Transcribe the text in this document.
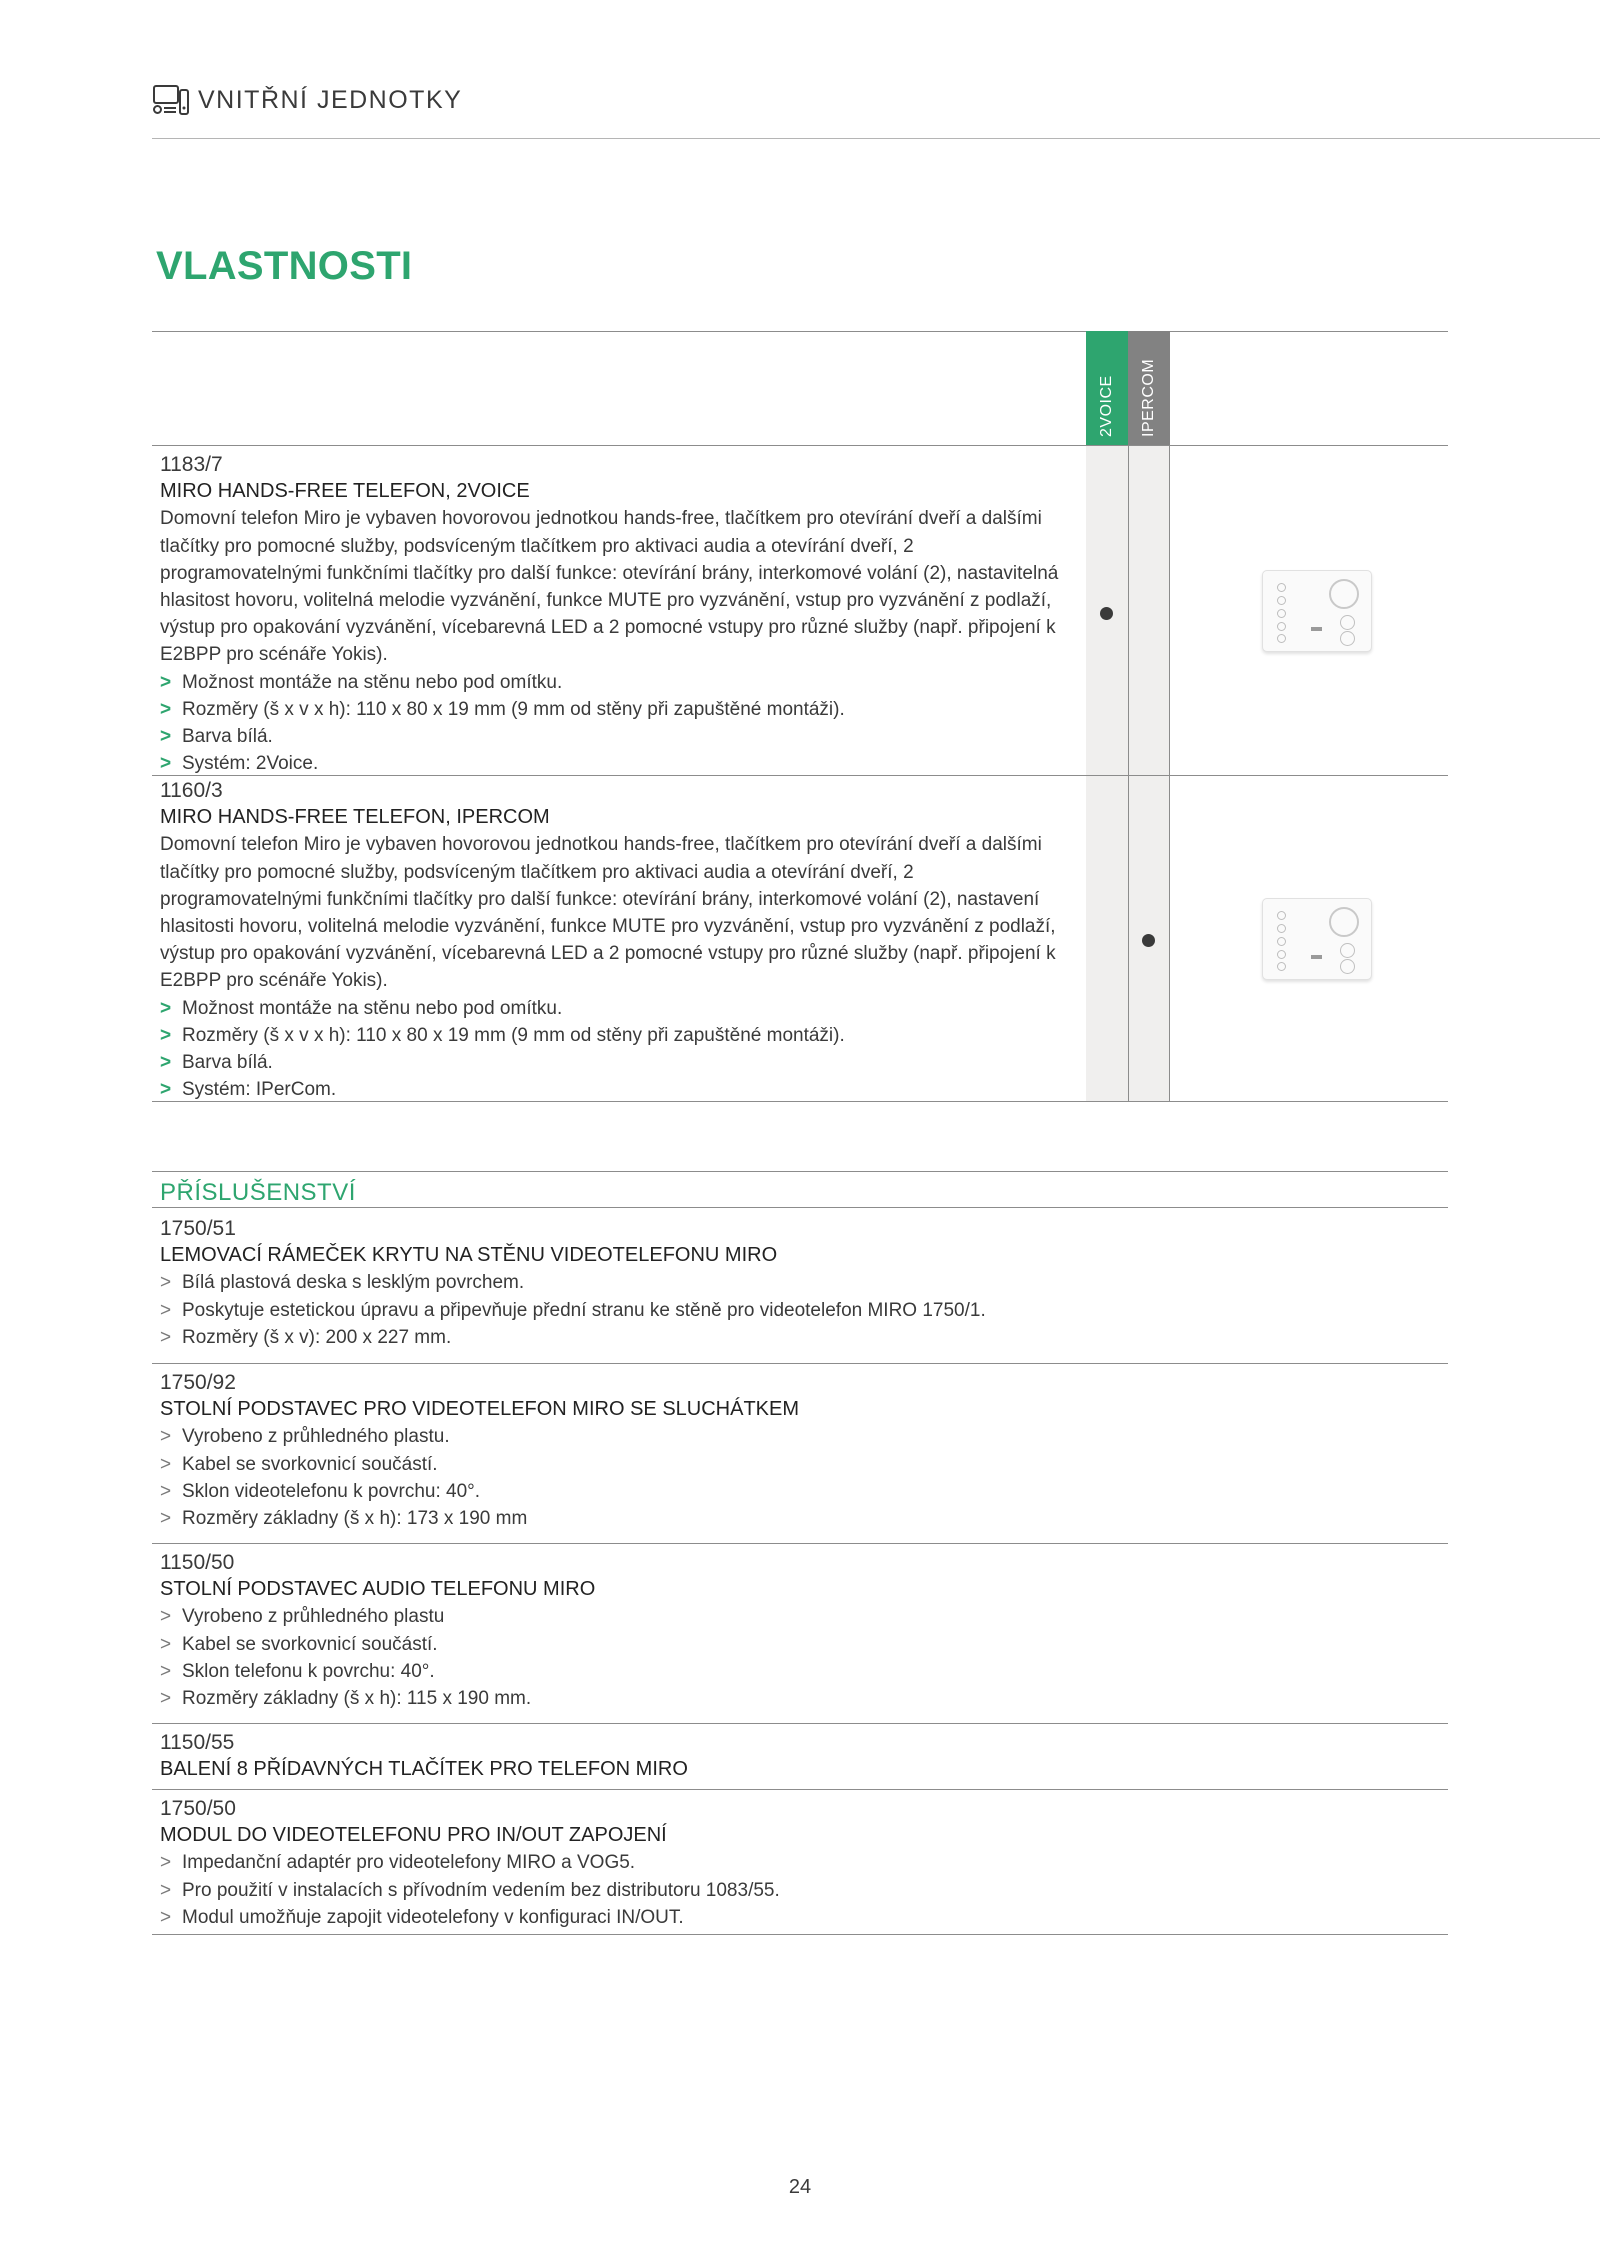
VNITŘNÍ JEDNOTKY
VLASTNOSTI
2VOICE IPERCOM
1183/7
MIRO HANDS-FREE TELEFON, 2VOICE
Domovní telefon Miro je vybaven hovorovou jednotkou hands-free, tlačítkem pro otevírání dveří a dalšími tlačítky pro pomocné služby, podsvíceným tlačítkem pro aktivaci audia a otevírání dveří, 2 programovatelnými funkčními tlačítky pro další funkce: otevírání brány, interkomové volání (2), nastavitelná hlasitost hovoru, volitelná melodie vyzvánění, funkce MUTE pro vyzvánění, vstup pro vyzvánění z podlaží, výstup pro opakování vyzvánění, vícebarevná LED a 2 pomocné vstupy pro různé služby (např. připojení k E2BPP pro scénáře Yokis).
> Možnost montáže na stěnu nebo pod omítku.
> Rozměry (š x v x h): 110 x 80 x 19 mm (9 mm od stěny při zapuštěné montáži).
> Barva bílá.
> Systém: 2Voice.
1160/3
MIRO HANDS-FREE TELEFON, IPERCOM
Domovní telefon Miro je vybaven hovorovou jednotkou hands-free, tlačítkem pro otevírání dveří a dalšími tlačítky pro pomocné služby, podsvíceným tlačítkem pro aktivaci audia a otevírání dveří, 2 programovatelnými funkčními tlačítky pro další funkce: otevírání brány, interkomové volání (2), nastavení hlasitosti hovoru, volitelná melodie vyzvánění, funkce MUTE pro vyzvánění, vstup pro vyzvánění z podlaží, výstup pro opakování vyzvánění, vícebarevná LED a 2 pomocné vstupy pro různé služby (např. připojení k E2BPP pro scénáře Yokis).
> Možnost montáže na stěnu nebo pod omítku.
> Rozměry (š x v x h): 110 x 80 x 19 mm (9 mm od stěny při zapuštěné montáži).
> Barva bílá.
> Systém: IPerCom.
PŘÍSLUŠENSTVÍ
1750/51
LEMOVACÍ RÁMEČEK KRYTU NA STĚNU VIDEOTELEFONU MIRO
> Bílá plastová deska s lesklým povrchem.
> Poskytuje estetickou úpravu a připevňuje přední stranu ke stěně pro videotelefon MIRO 1750/1.
> Rozměry (š x v): 200 x 227 mm.
1750/92
STOLNÍ PODSTAVEC PRO VIDEOTELEFON MIRO SE SLUCHÁTKEM
> Vyrobeno z průhledného plastu.
> Kabel se svorkovnicí součástí.
> Sklon videotelefonu k povrchu: 40°.
> Rozměry základny (š x h): 173 x 190 mm
1150/50
STOLNÍ PODSTAVEC AUDIO TELEFONU MIRO
> Vyrobeno z průhledného plastu
> Kabel se svorkovnicí součástí.
> Sklon telefonu k povrchu: 40°.
> Rozměry základny (š x h): 115 x 190 mm.
1150/55
BALENÍ 8 PŘÍDAVNÝCH TLAČÍTEK PRO TELEFON MIRO
1750/50
MODUL DO VIDEOTELEFONU PRO IN/OUT ZAPOJENÍ
> Impedanční adaptér pro videotelefony MIRO a VOG5.
> Pro použití v instalacích s přívodním vedením bez distributoru 1083/55.
> Modul umožňuje zapojit videotelefony v konfiguraci IN/OUT.
24
